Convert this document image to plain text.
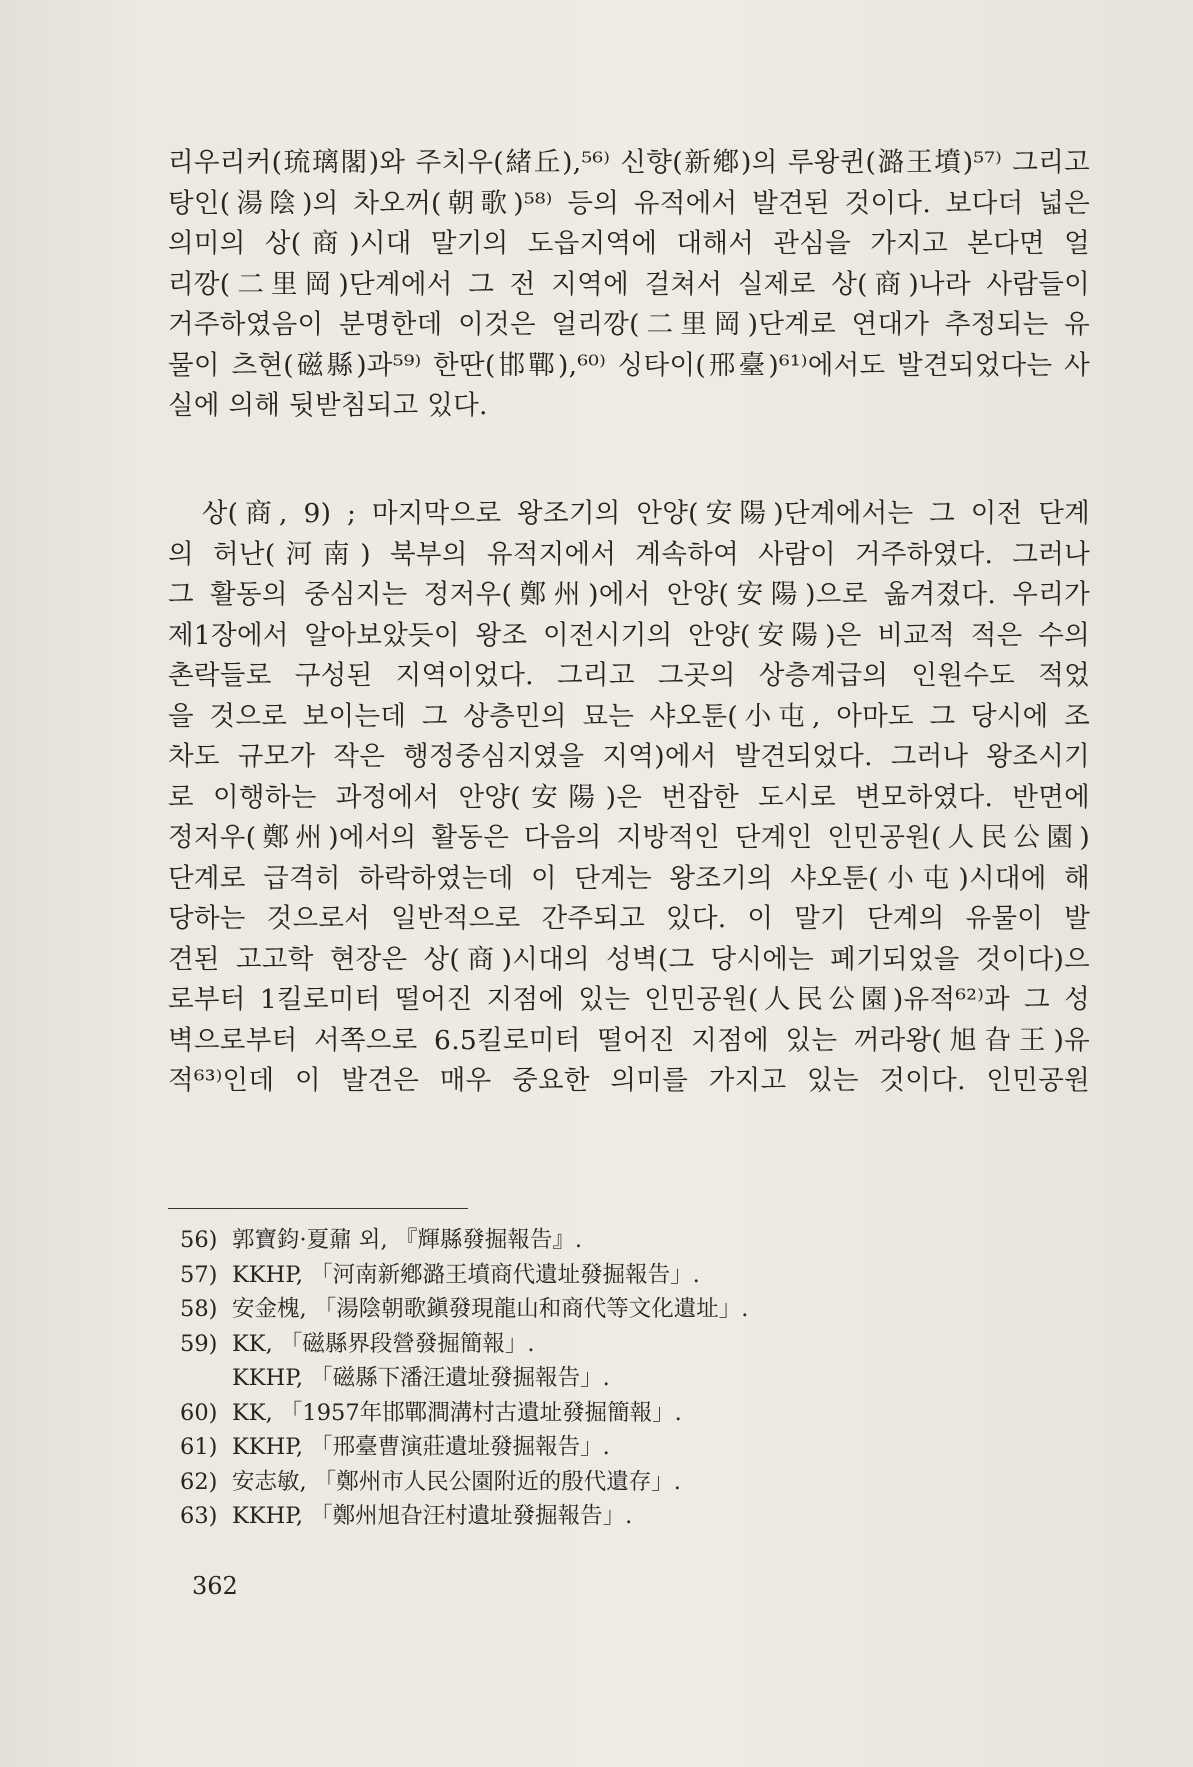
리우리커(琉璃閣)와 주치우(緒丘),⁵⁶⁾ 신향(新鄕)의 루왕퀸(潞王墳)⁵⁷⁾ 그리고
탕인(湯陰)의 차오꺼(朝歌)⁵⁸⁾ 등의 유적에서 발견된 것이다. 보다더 넓은
의미의 상(商)시대 말기의 도읍지역에 대해서 관심을 가지고 본다면 얼
리깡(二里岡)단계에서 그 전 지역에 걸쳐서 실제로 상(商)나라 사람들이
거주하였음이 분명한데 이것은 얼리깡(二里岡)단계로 연대가 추정되는 유
물이 츠현(磁縣)과⁵⁹⁾ 한딴(邯鄲),⁶⁰⁾ 싱타이(邢臺)⁶¹⁾에서도 발견되었다는 사
실에 의해 뒷받침되고 있다.
　상(商, 9) ; 마지막으로 왕조기의 안양(安陽)단계에서는 그 이전 단계
의 허난(河南) 북부의 유적지에서 계속하여 사람이 거주하였다. 그러나
그 활동의 중심지는 정저우(鄭州)에서 안양(安陽)으로 옮겨졌다. 우리가
제1장에서 알아보았듯이 왕조 이전시기의 안양(安陽)은 비교적 적은 수의
촌락들로 구성된 지역이었다. 그리고 그곳의 상층계급의 인원수도 적었
을 것으로 보이는데 그 상층민의 묘는 샤오툰(小屯, 아마도 그 당시에 조
차도 규모가 작은 행정중심지였을 지역)에서 발견되었다. 그러나 왕조시기
로 이행하는 과정에서 안양(安陽)은 번잡한 도시로 변모하였다. 반면에
정저우(鄭州)에서의 활동은 다음의 지방적인 단계인 인민공원(人民公園)
단계로 급격히 하락하였는데 이 단계는 왕조기의 샤오툰(小屯)시대에 해
당하는 것으로서 일반적으로 간주되고 있다. 이 말기 단계의 유물이 발
견된 고고학 현장은 상(商)시대의 성벽(그 당시에는 폐기되었을 것이다)으
로부터 1킬로미터 떨어진 지점에 있는 인민공원(人民公園)유적⁶²⁾과 그 성
벽으로부터 서쪽으로 6.5킬로미터 떨어진 지점에 있는 꺼라왕(旭旮王)유
적⁶³⁾인데 이 발견은 매우 중요한 의미를 가지고 있는 것이다. 인민공원
56) 郭寶鈞·夏鼐 외, 『輝縣發掘報告』.
57) KKHP, 「河南新鄕潞王墳商代遺址發掘報告」.
58) 安金槐, 「湯陰朝歌鎭發現龍山和商代等文化遺址」.
59) KK, 「磁縣界段營發掘簡報」.
KKHP, 「磁縣下潘汪遺址發掘報告」.
60) KK, 「1957年邯鄲澗溝村古遺址發掘簡報」.
61) KKHP, 「邢臺曹演莊遺址發掘報告」.
62) 安志敏, 「鄭州市人民公園附近的殷代遺存」.
63) KKHP, 「鄭州旭旮汪村遺址發掘報告」.
362
